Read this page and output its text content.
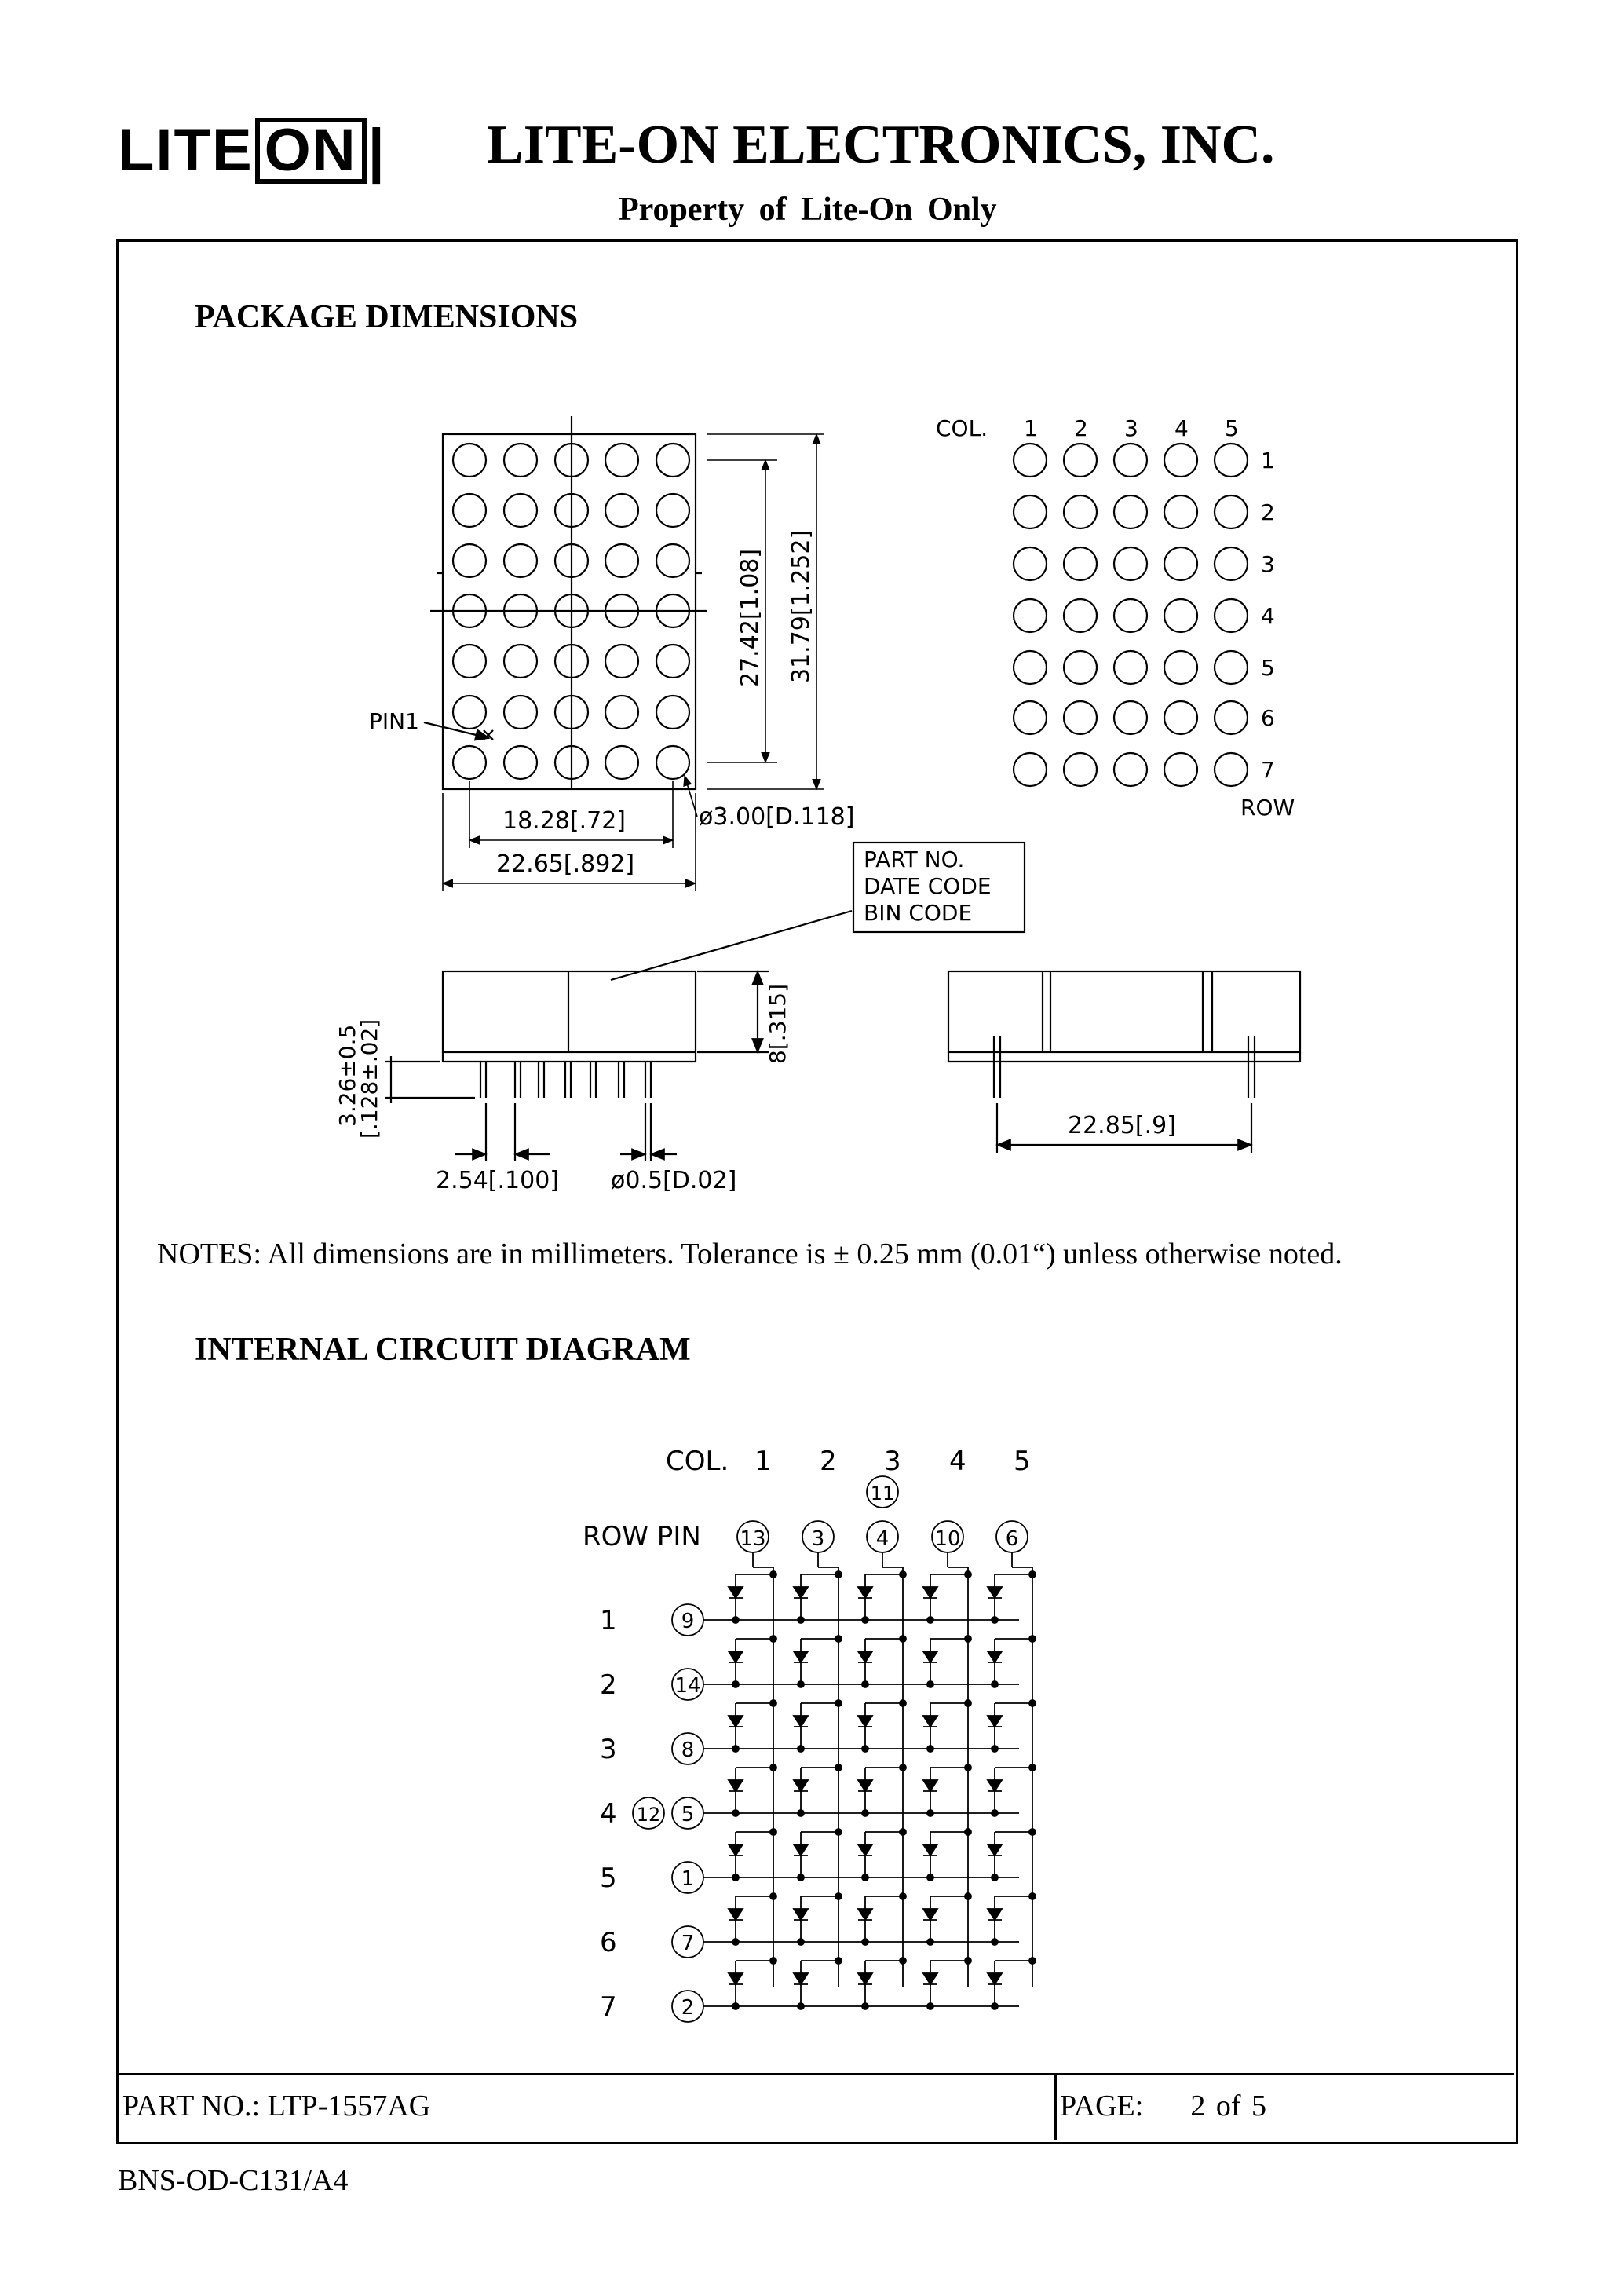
LITE ON | LITE-ON ELECTRONICS, INC.
Property of Lite-On Only
PACKAGE DIMENSIONS
NOTES: All dimensions are in millimeters. Tolerance is ± 0.25 mm (0.01“) unless otherwise noted.
INTERNAL CIRCUIT DIAGRAM
PIN1
27.42[1.08] 31.79[1.252]
18.28[.72]
22.65[.892]
ø3.00[D.118]
COL. 1 2 3 4 5
1
2
3
4
5
6
7
ROW
PART NO.
DATE CODE
BIN CODE
8[.315]
3.26±0.5
[.128±.02]
2.54[.100] ø0.5[D.02]
22.85[.9]
COL. 1 2 3 4 5
ROW PIN 13 3	4 10 6
11
1	9
2	14
3	8
4	5
5	1
6	7
7	2
12
PART NO.: LTP-1557AG	PAGE: 2 of 5
BNS-OD-C131/A4
